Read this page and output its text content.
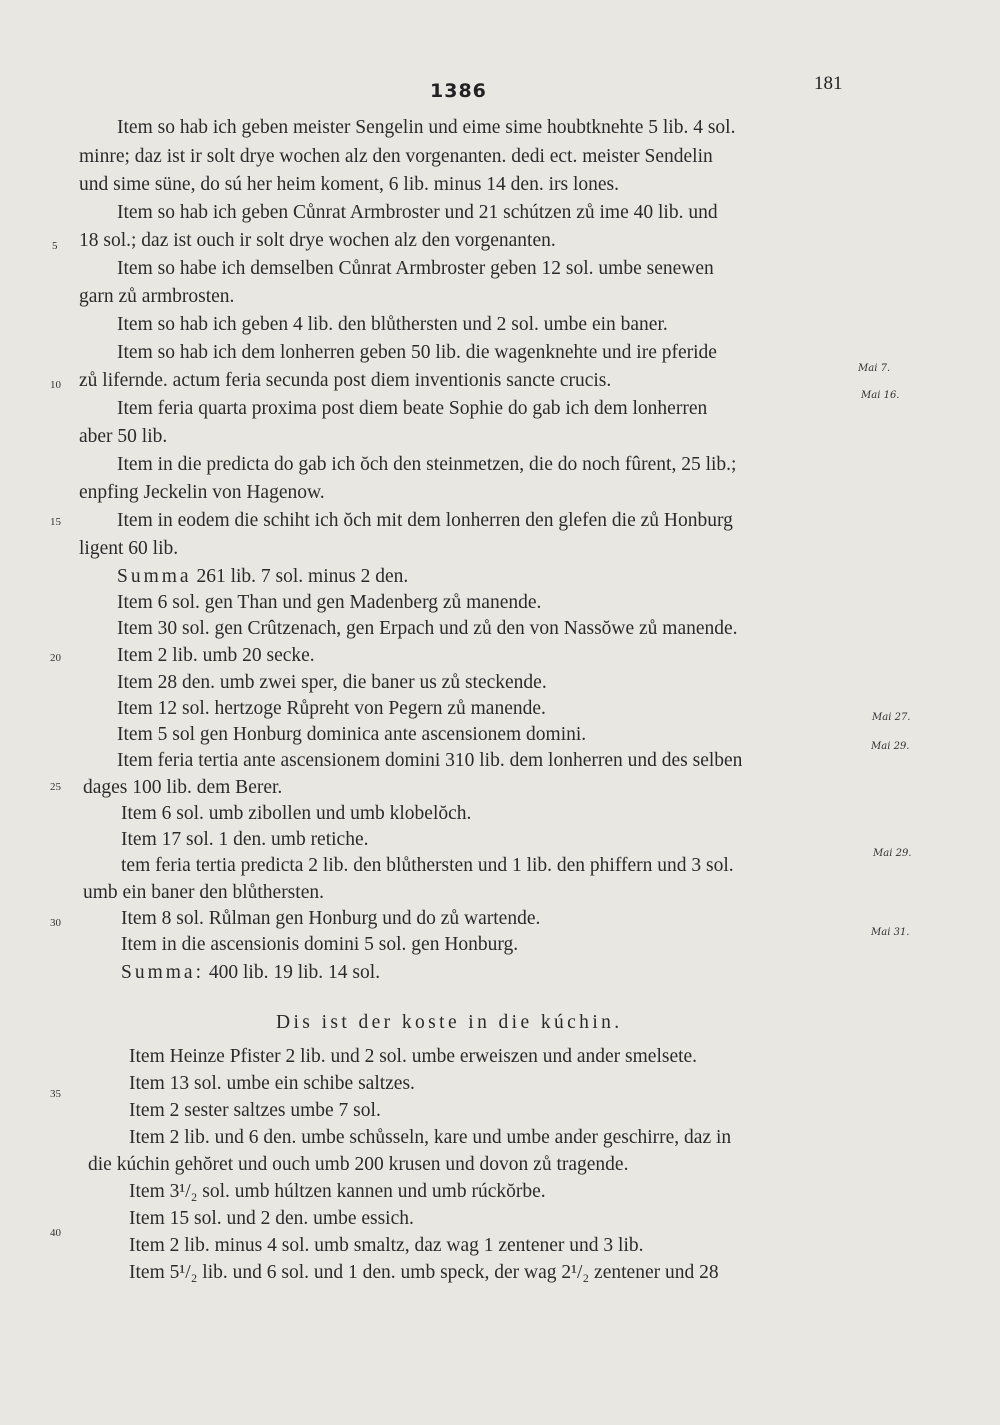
1386	181
Item so hab ich geben meister Sengelin und eime sime houbtknehte 5 lib. 4 sol.
minre; daz ist ir solt drye wochen alz den vorgenanten. dedi ect. meister Sendelin
und sime süne, do sú her heim koment, 6 lib. minus 14 den. irs lones.
Item so hab ich geben Cůnrat Armbroster und 21 schútzen zů ime 40 lib. und
18 sol.; daz ist ouch ir solt drye wochen alz den vorgenanten.
Item so habe ich demselben Cůnrat Armbroster geben 12 sol. umbe senewen
garn zů armbrosten.
Item so hab ich geben 4 lib. den blůthersten und 2 sol. umbe ein baner.
Item so hab ich dem lonherren geben 50 lib. die wagenknehte und ire pferide
zů lifernde. actum feria secunda post diem inventionis sancte crucis.
Item feria quarta proxima post diem beate Sophie do gab ich dem lonherren
aber 50 lib.
Item in die predicta do gab ich ŏch den steinmetzen, die do noch fûrent, 25 lib.;
enpfing Jeckelin von Hagenow.
Item in eodem die schiht ich ŏch mit dem lonherren den glefen die zů Honburg
ligent 60 lib.
Summa 261 lib. 7 sol. minus 2 den.
Item 6 sol. gen Than und gen Madenberg zů manende.
Item 30 sol. gen Crûtzenach, gen Erpach und zů den von Nassŏwe zů manende.
Item 2 lib. umb 20 secke.
Item 28 den. umb zwei sper, die baner us zů steckende.
Item 12 sol. hertzoge Růpreht von Pegern zů manende.
Item 5 sol gen Honburg dominica ante ascensionem domini.
Item feria tertia ante ascensionem domini 310 lib. dem lonherren und des selben
dages 100 lib. dem Berer.
Item 6 sol. umb zibollen und umb klobelŏch.
Item 17 sol. 1 den. umb retiche.
tem feria tertia predicta 2 lib. den blůthersten und 1 lib. den phiffern und 3 sol.
umb ein baner den blůthersten.
Item 8 sol. Růlman gen Honburg und do zů wartende.
Item in die ascensionis domini 5 sol. gen Honburg.
Summa: 400 lib. 19 lib. 14 sol.
Item Heinze Pfister 2 lib. und 2 sol. umbe erweiszen und ander smelsete.
Item 13 sol. umbe ein schibe saltzes.
Item 2 sester saltzes umbe 7 sol.
Item 2 lib. und 6 den. umbe schůsseln, kare und umbe ander geschirre, daz in
die kúchin gehŏret und ouch umb 200 krusen und dovon zů tragende.
Item 3¹/₂ sol. umb húltzen kannen und umb rúckŏrbe.
Item 15 sol. und 2 den. umbe essich.
Item 2 lib. minus 4 sol. umb smaltz, daz wag 1 zentener und 3 lib.
Item 5¹/₂ lib. und 6 sol. und 1 den. umb speck, der wag 2¹/₂ zentener und 28
Dis ist der koste in die kúchin.
5
10
15
20
25
30
35
40
Mai 7.
Mai 16.
Mai 27.
Mai 29.
Mai 29.
Mai 31.
